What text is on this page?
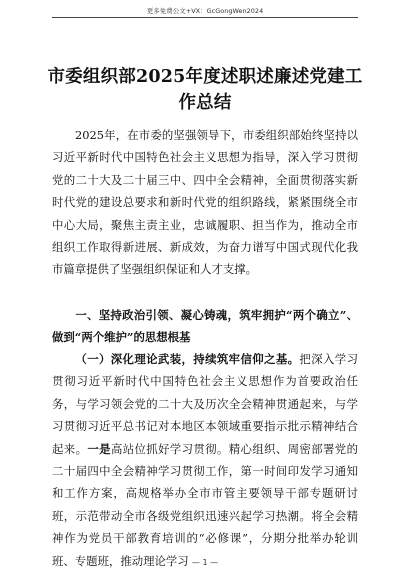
更多免费公文+VX：GcGongWen2024
市委组织部2025年度述职述廉述党建工作总结

2025年，在市委的坚强领导下，市委组织部始终坚持以习近平新时代中国特色社会主义思想为指导，深入学习贯彻党的二十大及二十届三中、四中全会精神，全面贯彻落实新时代党的建设总要求和新时代党的组织路线，紧紧围绕全市中心大局，聚焦主责主业，忠诚履职、担当作为，推动全市组织工作取得新进展、新成效，为奋力谱写中国式现代化我市篇章提供了坚强组织保证和人才支撑。

一、坚持政治引领、凝心铸魂，筑牢拥护“两个确立”、做到“两个维护”的思想根基

（一）深化理论武装，持续筑牢信仰之基。把深入学习贯彻习近平新时代中国特色社会主义思想作为首要政治任务，与学习领会党的二十大及历次全会精神贯通起来，与学习贯彻习近平总书记对本地区本领域重要指示批示精神结合起来。一是高站位抓好学习贯彻。精心组织、周密部署党的二十届四中全会精神学习贯彻工作，第一时间印发学习通知和工作方案，高规格举办全市市管主要领导干部专题研讨班，示范带动全市各级党组织迅速兴起学习热潮。将全会精神作为党员干部教育培训的“必修课”，分期分批举办轮训班、专题班，推动理论学习 — 1 —
